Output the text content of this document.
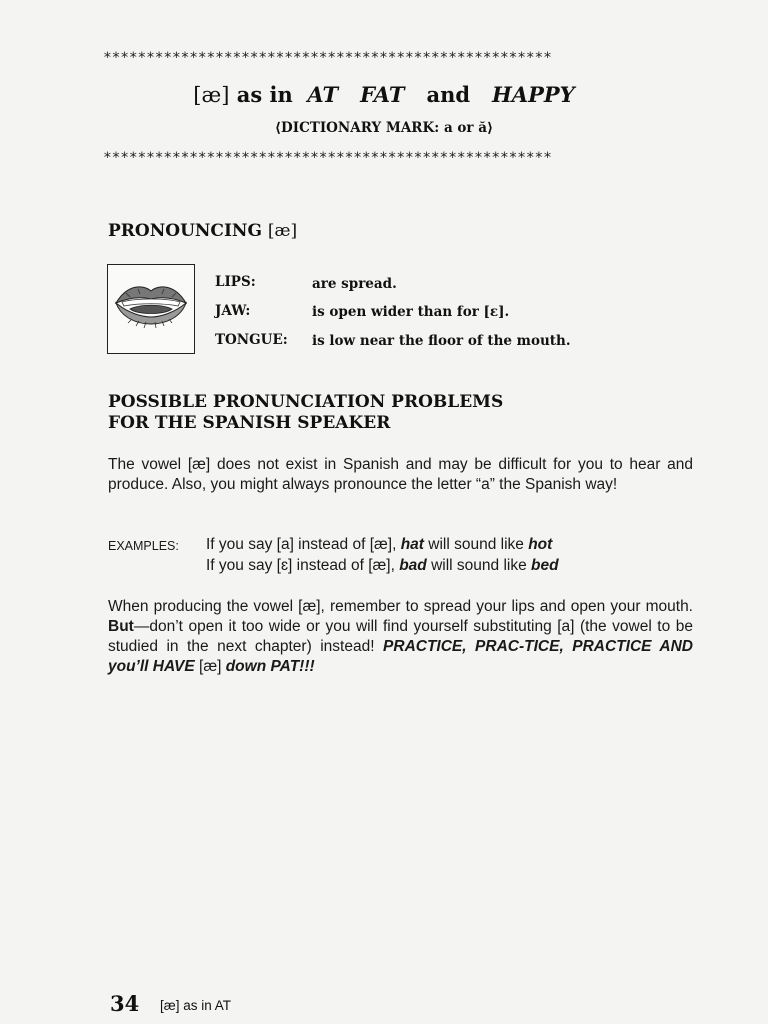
****************************************************
[æ] as in AT FAT and HAPPY
⟨DICTIONARY MARK: a or ă⟩
****************************************************
PRONOUNCING [æ]
LIPS:	are spread.
JAW:	is open wider than for [ɛ].
TONGUE: is low near the floor of the mouth.
POSSIBLE PRONUNCIATION PROBLEMS
FOR THE SPANISH SPEAKER
The vowel [æ] does not exist in Spanish and may be difficult for you to hear and produce. Also, you might always pronounce the letter “a” the Spanish way!
EXAMPLES: If you say [a] instead of [æ], hat will sound like hot
If you say [ɛ] instead of [æ], bad will sound like bed
When producing the vowel [æ], remember to spread your lips and open your mouth. But—don’t open it too wide or you will find yourself substituting [a] (the vowel to be studied in the next chapter) instead! PRACTICE, PRAC-TICE, PRACTICE AND you’ll HAVE [æ] down PAT!!!
34 [æ] as in AT
